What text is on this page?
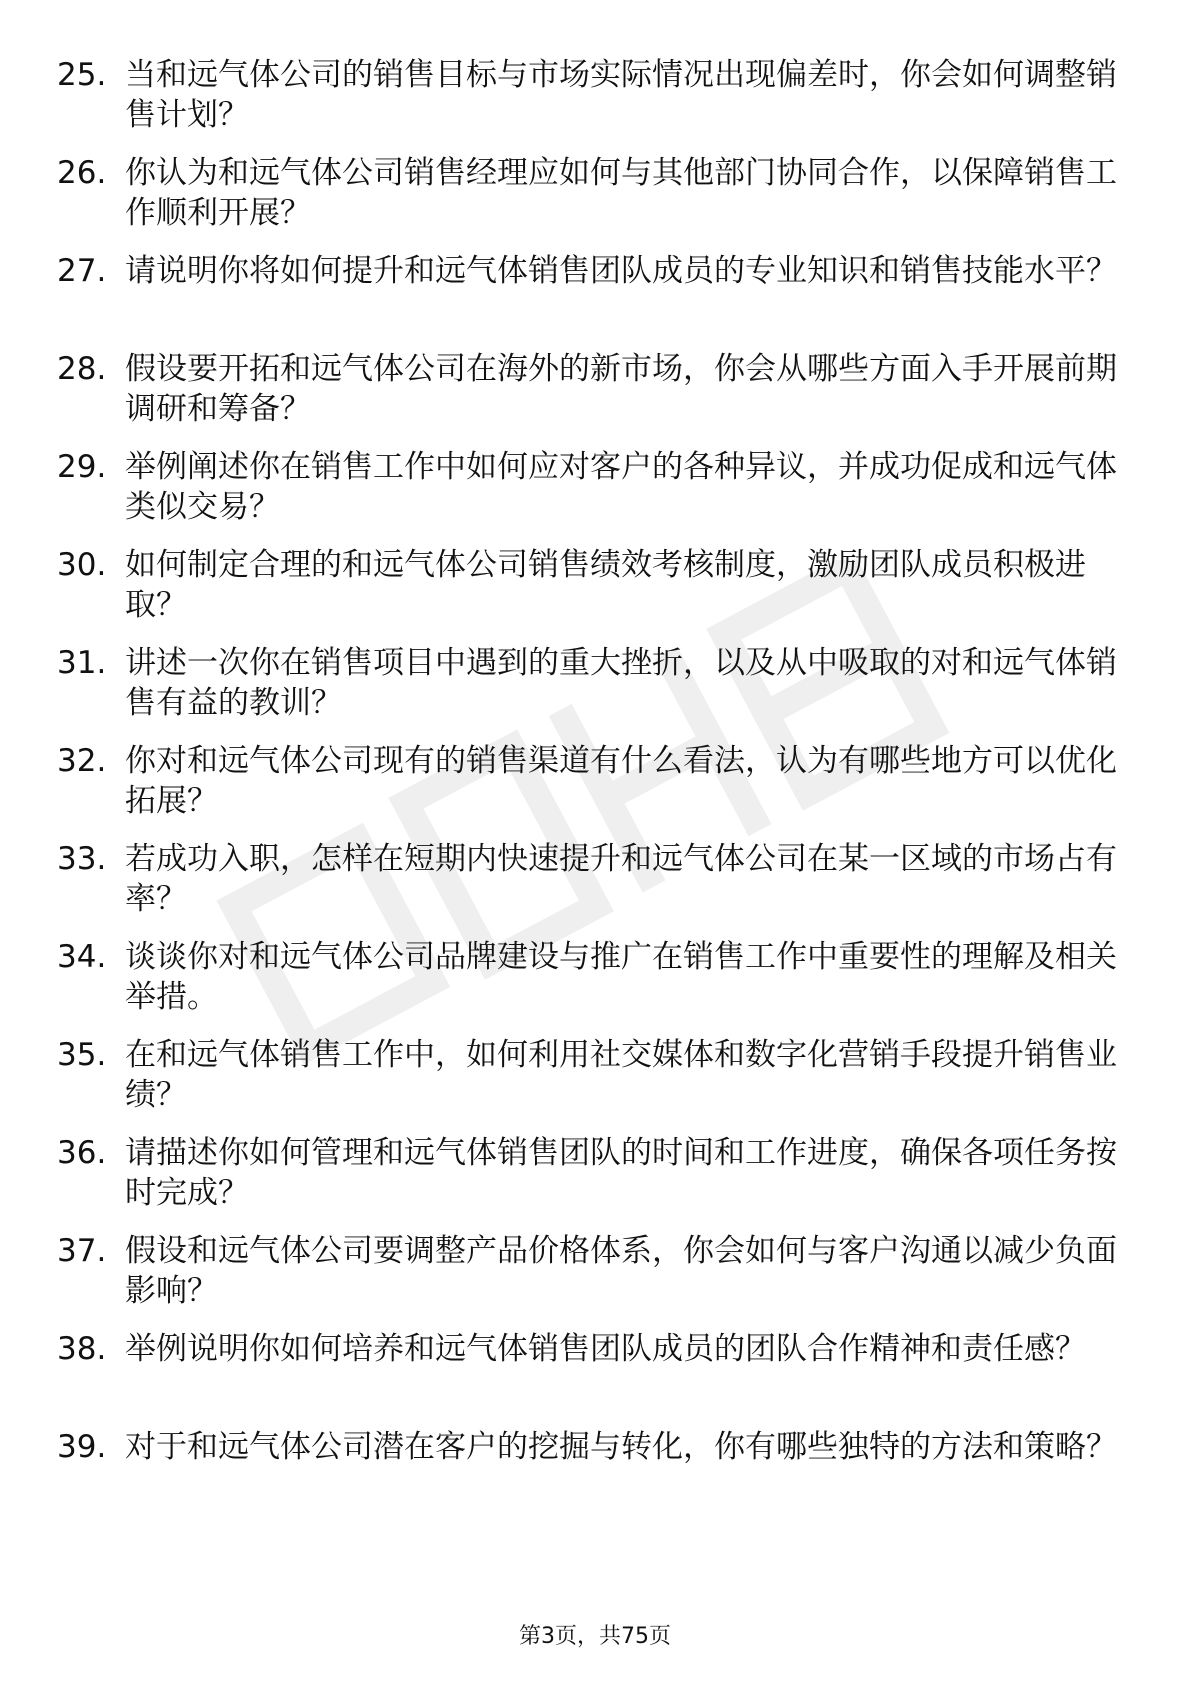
25. 当和远气体公司的销售目标与市场实际情况出现偏差时，你会如何调整销售计划？
26. 你认为和远气体公司销售经理应如何与其他部门协同合作，以保障销售工作顺利开展？
27. 请说明你将如何提升和远气体销售团队成员的专业知识和销售技能水平？
28. 假设要开拓和远气体公司在海外的新市场，你会从哪些方面入手开展前期调研和筹备？
29. 举例阐述你在销售工作中如何应对客户的各种异议，并成功促成和远气体类似交易？
30. 如何制定合理的和远气体公司销售绩效考核制度，激励团队成员积极进取？
31. 讲述一次你在销售项目中遇到的重大挫折，以及从中吸取的对和远气体销售有益的教训？
32. 你对和远气体公司现有的销售渠道有什么看法，认为有哪些地方可以优化拓展？
33. 若成功入职，怎样在短期内快速提升和远气体公司在某一区域的市场占有率？
34. 谈谈你对和远气体公司品牌建设与推广在销售工作中重要性的理解及相关举措。
35. 在和远气体销售工作中，如何利用社交媒体和数字化营销手段提升销售业绩？
36. 请描述你如何管理和远气体销售团队的时间和工作进度，确保各项任务按时完成？
37. 假设和远气体公司要调整产品价格体系，你会如何与客户沟通以减少负面影响？
38. 举例说明你如何培养和远气体销售团队成员的团队合作精神和责任感？
39. 对于和远气体公司潜在客户的挖掘与转化，你有哪些独特的方法和策略？
第3页，共75页
